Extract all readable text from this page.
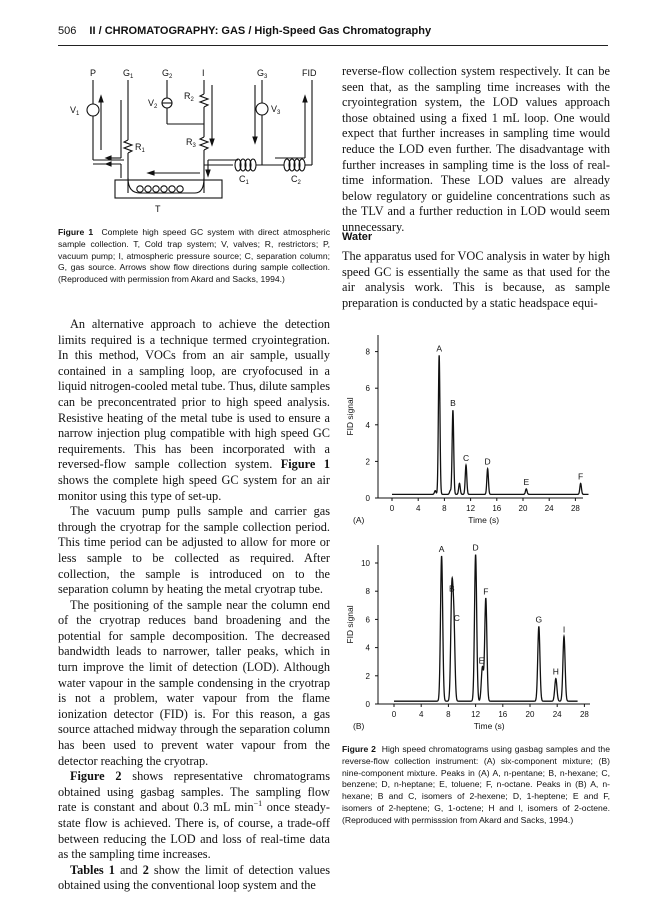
506 II / CHROMATOGRAPHY: GAS / High-Speed Gas Chromatography
P	$G_1$	$G_2$	I	$G_3$	FID
$V_1$
$V_2$	$V_3$
$R_1$
$R_2$
$R_3$
$C_1$	$C_2$
T
Figure 1 Complete high speed GC system with direct atmospheric sample collection. T, Cold trap system; V, valves; R, restrictors; P, vacuum pump; I, atmospheric pressure source; C, separation column; G, gas source. Arrows show flow directions during sample collection. (Reproduced with permission from Akard and Sacks, 1994.)

reverse-flow collection system respectively. It can be seen that, as the sampling time increases with the cryointegration system, the LOD values approach those obtained using a fixed 1 mL loop. One would expect that further increases in sampling time would reduce the LOD even further. The disadvantage with further increases in sampling time is the loss of real-time information. These LOD values are already below regulatory or guideline concentrations such as the TLV and a further reduction in LOD would seem unnecessary.

Water

The apparatus used for VOC analysis in water by high speed GC is essentially the same as that used for the air analysis work. This is because, as sample preparation is conducted by a static headspace equi-

An alternative approach to achieve the detection limits required is a technique termed cryointegration. In this method, VOCs from an air sample, usually contained in a sampling loop, are cryofocused in a liquid nitrogen-cooled metal tube. Thus, dilute samples can be preconcentrated prior to high speed analysis. Resistive heating of the metal tube is used to ensure a narrow injection plug compatible with high speed GC requirements. This has been incorporated with a reversed-flow sample collection system. Figure 1 shows the complete high speed GC system for an air monitor using this type of set-up.

The vacuum pump pulls sample and carrier gas through the cryotrap for the sample collection period. This time period can be adjusted to allow for more or less sample to be collected as required. After collection, the sample is introduced on to the separation column by heating the metal cryotrap tube.

The positioning of the sample near the column end of the cryotrap reduces band broadening and the potential for sample decomposition. The decreased bandwidth leads to narrower, taller peaks, which in turn improve the limit of detection (LOD). Although water vapour in the sample condensing in the cryotrap is not a problem, water vapour from the flame ionization detector (FID) is. For this reason, a gas source attached midway through the separation column has been used to prevent water vapour from the detector reaching the cryotrap.

Figure 2 shows representative chromatograms obtained using gasbag samples. The sampling flow rate is constant and about 0.3 mL $\min^{-1}$ once steady-state flow is achieved. There is, of course, a trade-off between reducing the LOD and loss of real-time data as the sampling time increases.

Tables 1 and 2 show the limit of detection values obtained using the conventional loop system and the

0
2
4
6
8
0	4	8 12 16 20 24 28
Time (s)
FID signal
(A)
A
B
C D
E
F
0
2
4
6
8
10
0	4	8	12 16 20 24 28
Time (s)
FID signal
(B)
A
B
C
D
E
F
G
H
I
Figure 2 High speed chromatograms using gasbag samples and the reverse-flow collection instrument: (A) six-component mixture; (B) nine-component mixture. Peaks in (A) A, n-pentane; B, n-hexane; C, benzene; D, n-heptane; E, toluene; F, n-octane. Peaks in (B) A, n-hexane; B and C, isomers of 2-hexene; D, 1-heptene; E and F, isomers of 2-heptene; G, 1-octene; H and I, isomers of 2-octene. (Reproduced with permisssion from Akard and Sacks, 1994.)
